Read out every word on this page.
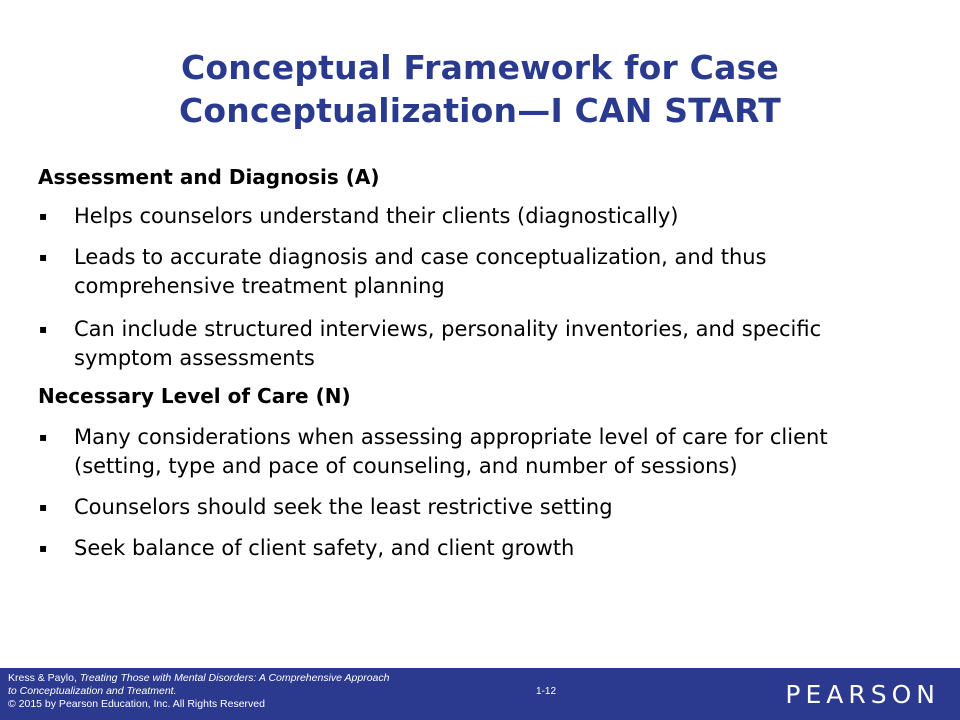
Conceptual Framework for Case
Conceptualization—I CAN START

Assessment and Diagnosis (A)

▪ Helps counselors understand their clients (diagnostically)
▪ Leads to accurate diagnosis and case conceptualization, and thus comprehensive treatment planning
▪ Can include structured interviews, personality inventories, and specific symptom assessments

Necessary Level of Care (N)

▪ Many considerations when assessing appropriate level of care for client (setting, type and pace of counseling, and number of sessions)
▪ Counselors should seek the least restrictive setting
▪ Seek balance of client safety, and client growth
Kress & Paylo, Treating Those with Mental Disorders: A Comprehensive Approach
to Conceptualization and Treatment.
© 2015 by Pearson Education, Inc. All Rights Reserved
1-12	PEARSON
